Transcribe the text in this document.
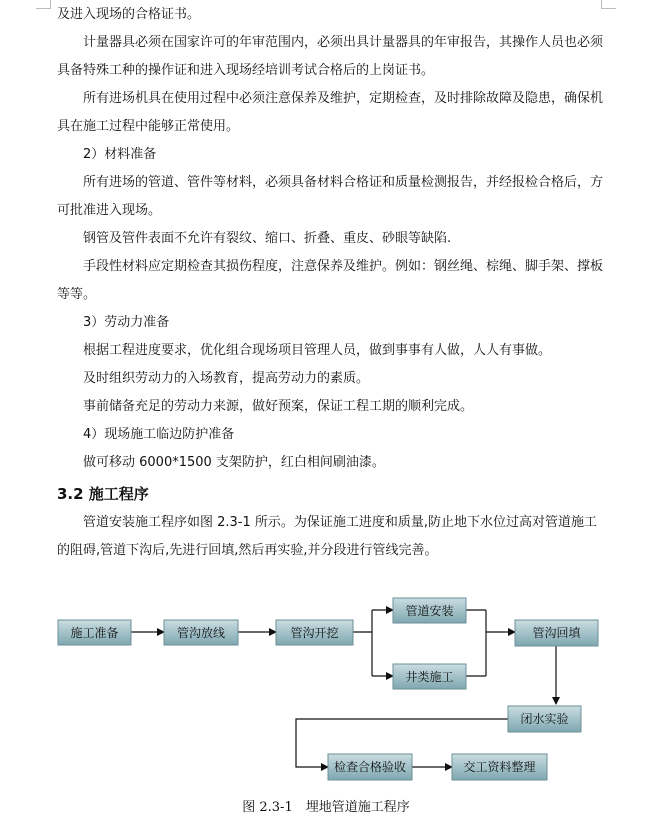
及进入现场的合格证书。

计量器具必须在国家许可的年审范围内，必须出具计量器具的年审报告，其操作人员也必须具备特殊工种的操作证和进入现场经培训考试合格后的上岗证书。

所有进场机具在使用过程中必须注意保养及维护，定期检查，及时排除故障及隐患，确保机具在施工过程中能够正常使用。

2）材料准备

所有进场的管道、管件等材料，必须具备材料合格证和质量检测报告，并经报检合格后，方可批准进入现场。

钢管及管件表面不允许有裂纹、缩口、折叠、重皮、砂眼等缺陷.

手段性材料应定期检查其损伤程度，注意保养及维护。例如：钢丝绳、棕绳、脚手架、撑板等等。

3）劳动力准备

根据工程进度要求，优化组合现场项目管理人员，做到事事有人做，人人有事做。

及时组织劳动力的入场教育，提高劳动力的素质。

事前储备充足的劳动力来源，做好预案，保证工程工期的顺利完成。

4）现场施工临边防护准备

做可移动 6000*1500 支架防护，红白相间刷油漆。

3.2 施工程序

管道安装施工程序如图 2.3-1 所示。为保证施工进度和质量,防止地下水位过高对管道施工的阻碍,管道下沟后,先进行回填,然后再实验,并分段进行管线完善。

施工准备	管沟放线	管沟开挖
管道安装
井类施工
管沟回填
闭水实验
检查合格验收	交工资料整理
图 2.3-1　埋地管道施工程序
